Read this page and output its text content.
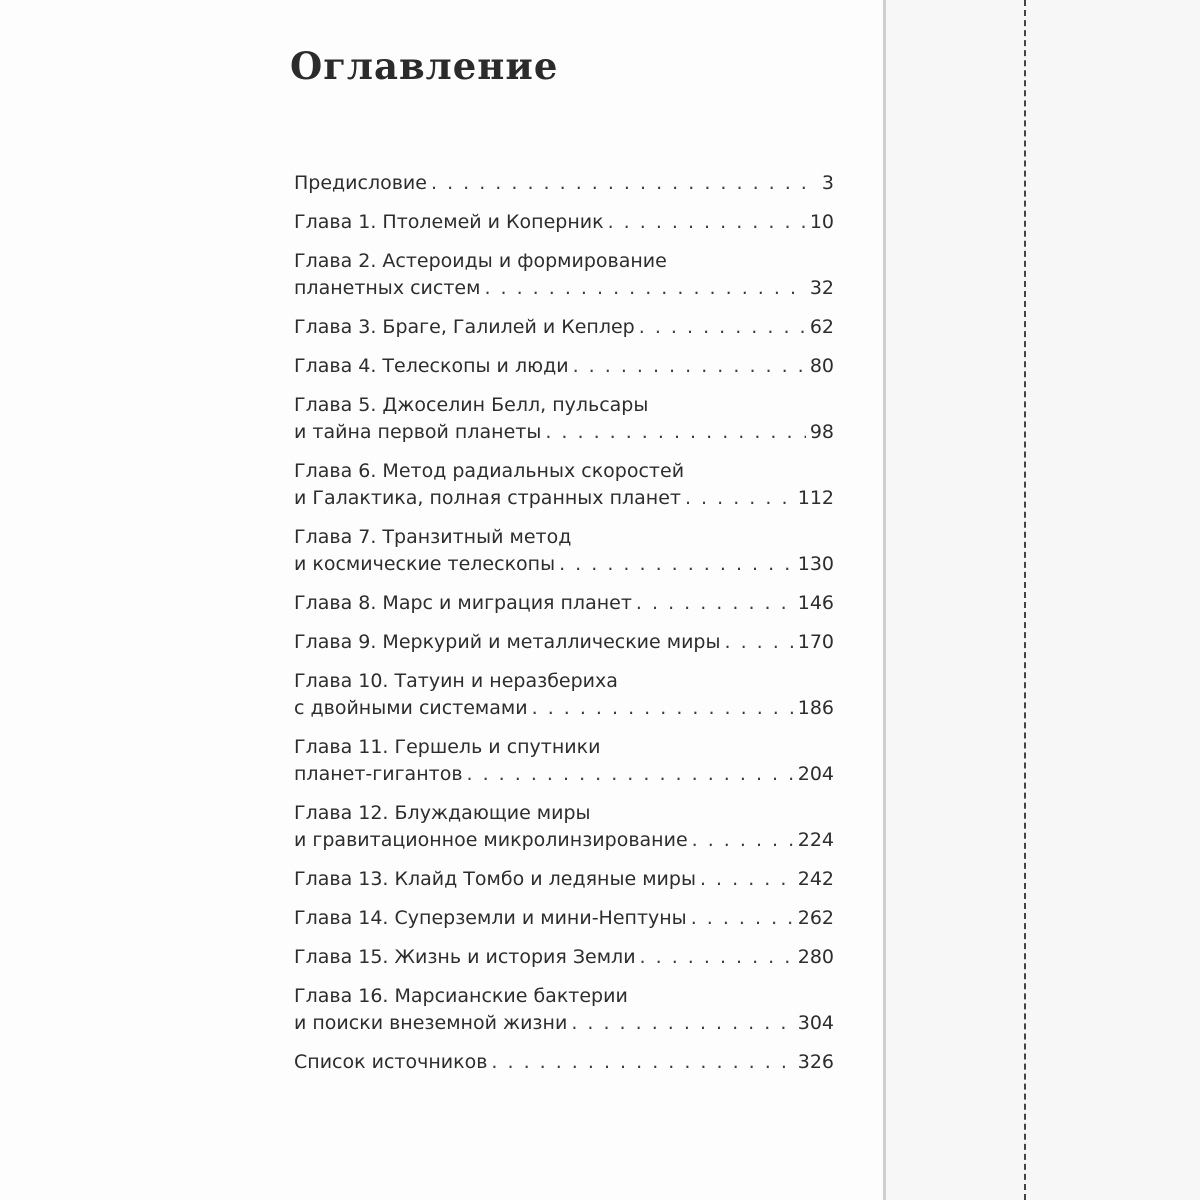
Оглавление
Предисловие . . .	3
Глава 1. Птолемей и Коперник . . .	10
Глава 2. Астероиды и формирование
планетных систем . . .	32
Глава 3. Браге, Галилей и Кеплер . . .	62
Глава 4. Телескопы и люди . . .	80
Глава 5. Джоселин Белл, пульсары
и тайна первой планеты . . .	98
Глава 6. Метод радиальных скоростей
и Галактика, полная странных планет . . .	112
Глава 7. Транзитный метод
и космические телескопы . . .	130
Глава 8. Марс и миграция планет . . .	146
Глава 9. Меркурий и металлические миры . . .	170
Глава 10. Татуин и неразбериха
с двойными системами . . .	186
Глава 11. Гершель и спутники
планет-гигантов . . .	204
Глава 12. Блуждающие миры
и гравитационное микролинзирование . . .	224
Глава 13. Клайд Томбо и ледяные миры . . .	242
Глава 14. Суперземли и мини-Нептуны . . .	262
Глава 15. Жизнь и история Земли . . .	280
Глава 16. Марсианские бактерии
и поиски внеземной жизни . . .	304
Список источников . . .	326
